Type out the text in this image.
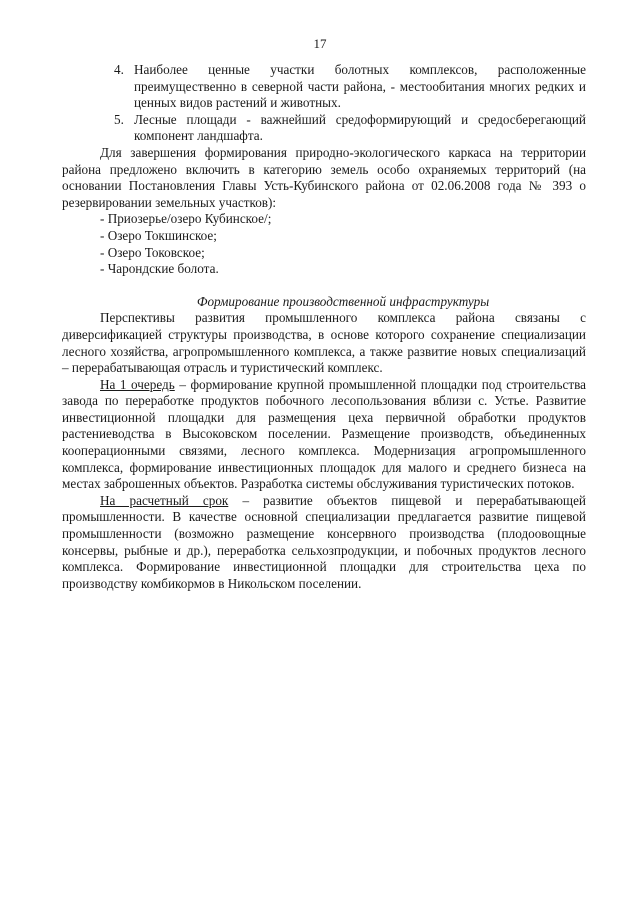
17
4. Наиболее ценные участки болотных комплексов, расположенные преимущественно в северной части района, - местообитания многих редких и ценных видов растений и животных.
5. Лесные площади - важнейший средоформирующий и средосберегающий компонент ландшафта.

Для завершения формирования природно-экологического каркаса на территории района предложено включить в категорию земель особо охраняемых территорий (на основании Постановления Главы Усть-Кубинского района от 02.06.2008 года № 393 о резервировании земельных участков):

- Приозерье/озеро Кубинское/;
- Озеро Токшинское;
- Озеро Токовское;
- Чарондские болота.
Формирование производственной инфраструктуры

Перспективы развития промышленного комплекса района связаны с диверсификацией структуры производства, в основе которого сохранение специализации лесного хозяйства, агропромышленного комплекса, а также развитие новых специализаций – перерабатывающая отрасль и туристический комплекс.

На 1 очередь – формирование крупной промышленной площадки под строительства завода по переработке продуктов побочного лесопользования вблизи с. Устье. Развитие инвестиционной площадки для размещения цеха первичной обработки продуктов растениеводства в Высоковском поселении. Размещение производств, объединенных кооперационными связями, лесного комплекса. Модернизация агропромышленного комплекса, формирование инвестиционных площадок для малого и среднего бизнеса на местах заброшенных объектов. Разработка системы обслуживания туристических потоков.

На расчетный срок – развитие объектов пищевой и перерабатывающей промышленности. В качестве основной специализации предлагается развитие пищевой промышленности (возможно размещение консервного производства (плодоовощные консервы, рыбные и др.), переработка сельхозпродукции, и побочных продуктов лесного комплекса. Формирование инвестиционной площадки для строительства цеха по производству комбикормов в Никольском поселении.
